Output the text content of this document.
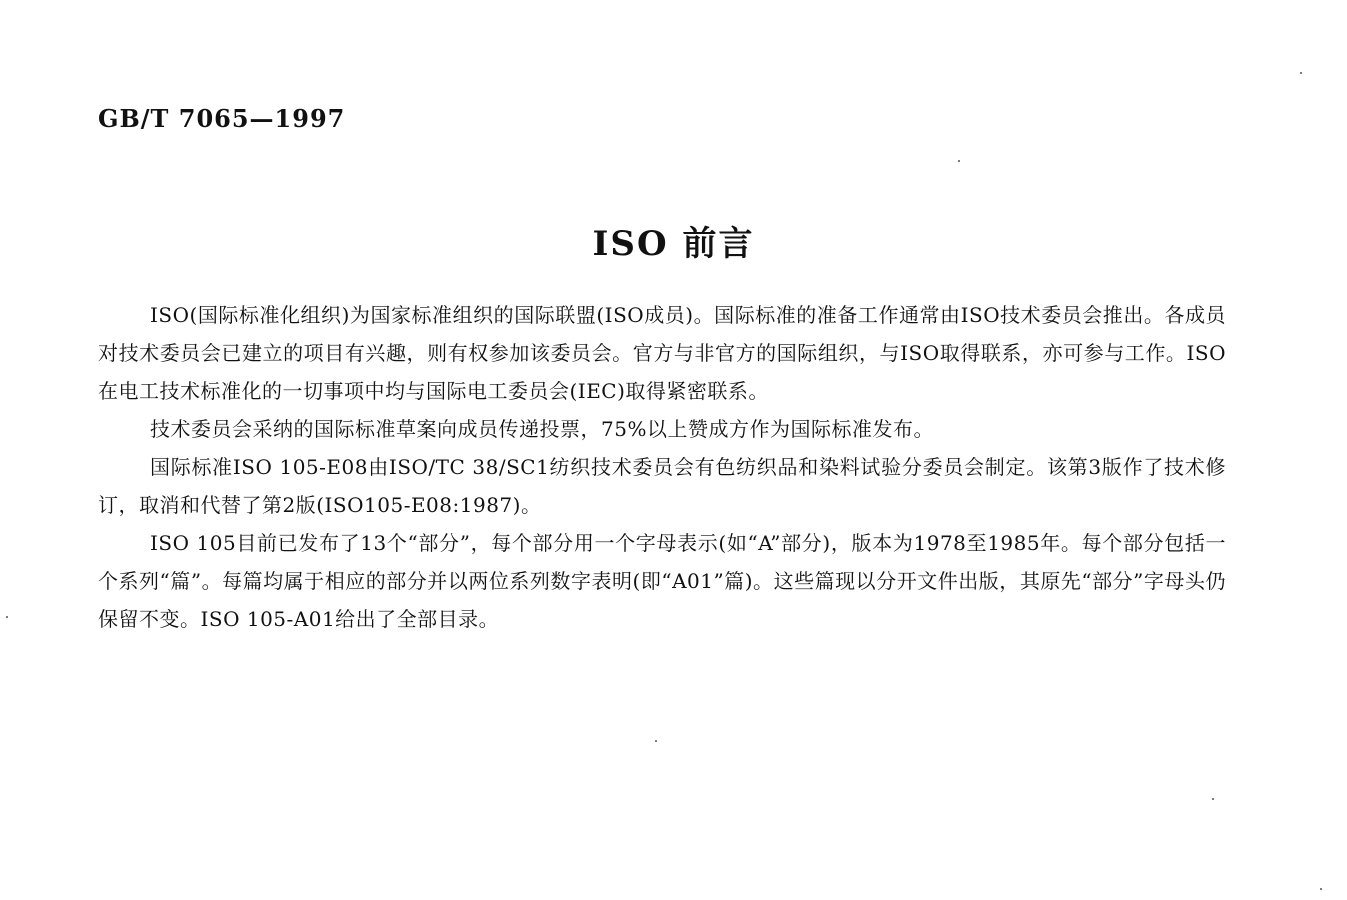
GB/T 7065—1997
ISO 前言

ISO(国际标准化组织)为国家标准组织的国际联盟(ISO成员)。国际标准的准备工作通常由ISO技术委员会推出。各成员对技术委员会已建立的项目有兴趣，则有权参加该委员会。官方与非官方的国际组织，与ISO取得联系，亦可参与工作。ISO在电工技术标准化的一切事项中均与国际电工委员会(IEC)取得紧密联系。

技术委员会采纳的国际标准草案向成员传递投票，75%以上赞成方作为国际标准发布。

国际标准ISO 105-E08由ISO/TC 38/SC1纺织技术委员会有色纺织品和染料试验分委员会制定。该第3版作了技术修订，取消和代替了第2版(ISO105-E08:1987)。

ISO 105目前已发布了13个“部分”，每个部分用一个字母表示(如“A”部分)，版本为1978至1985年。每个部分包括一个系列“篇”。每篇均属于相应的部分并以两位系列数字表明(即“A01”篇)。这些篇现以分开文件出版，其原先“部分”字母头仍保留不变。ISO 105-A01给出了全部目录。
